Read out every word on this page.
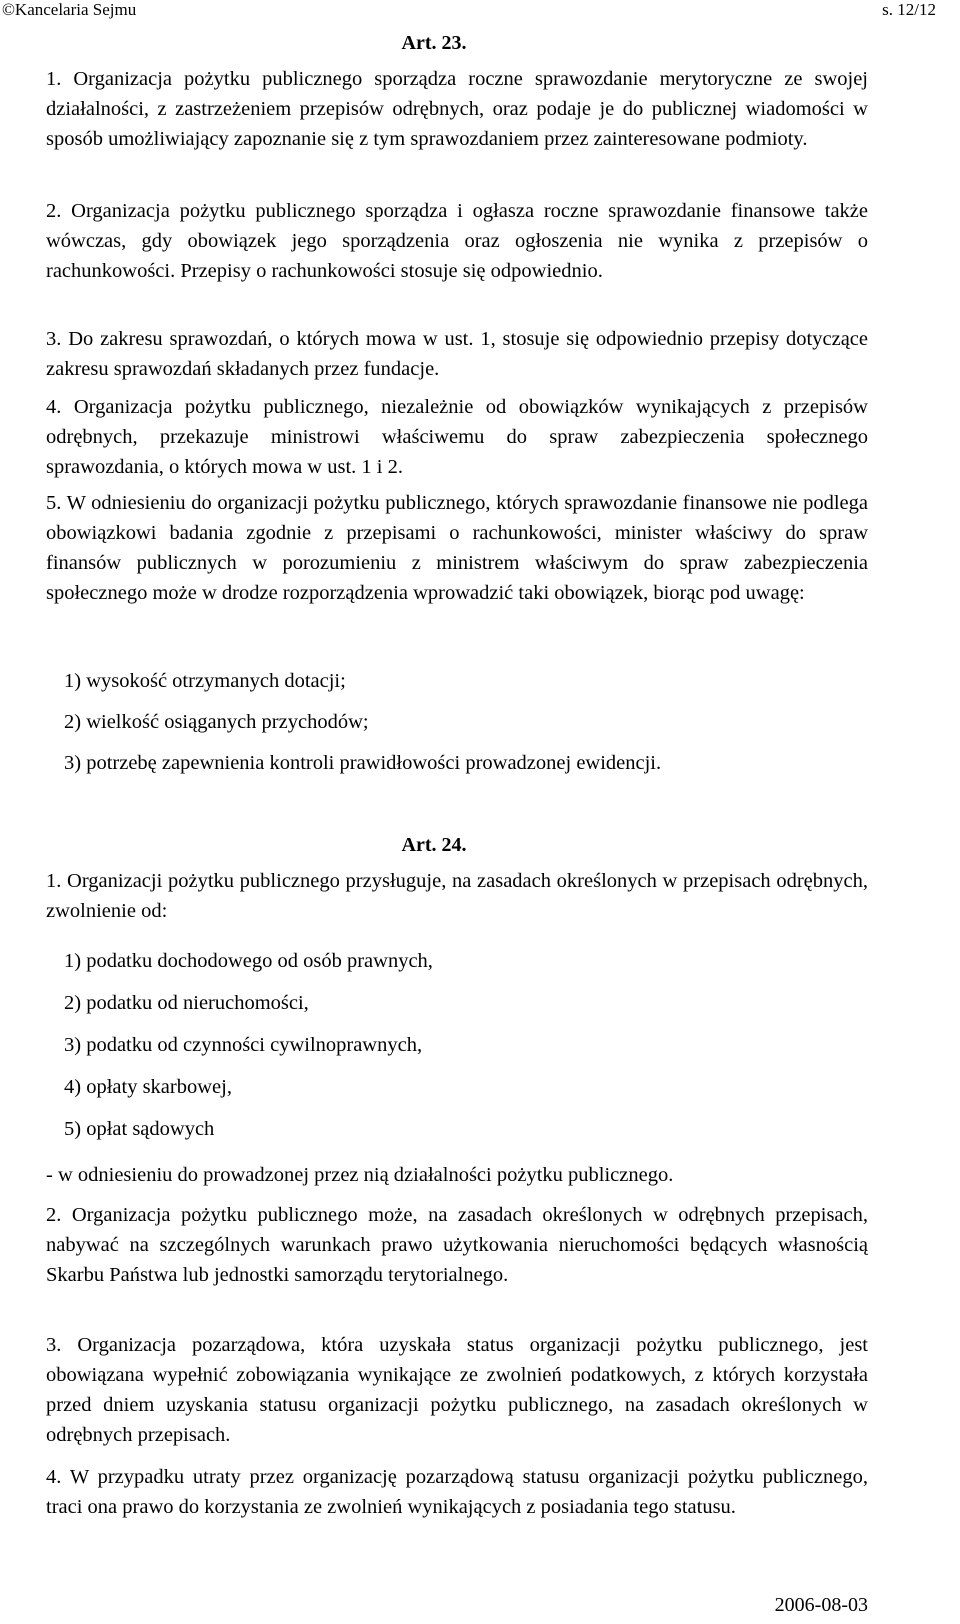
©Kancelaria Sejmu	s. 12/12
Art. 23.

1. Organizacja pożytku publicznego sporządza roczne sprawozdanie merytoryczne ze swojej działalności, z zastrzeżeniem przepisów odrębnych, oraz podaje je do publicznej wiadomości w sposób umożliwiający zapoznanie się z tym sprawozdaniem przez zainteresowane podmioty.

2. Organizacja pożytku publicznego sporządza i ogłasza roczne sprawozdanie finansowe także wówczas, gdy obowiązek jego sporządzenia oraz ogłoszenia nie wynika z przepisów o rachunkowości. Przepisy o rachunkowości stosuje się odpowiednio.

3. Do zakresu sprawozdań, o których mowa w ust. 1, stosuje się odpowiednio przepisy dotyczące zakresu sprawozdań składanych przez fundacje.

4. Organizacja pożytku publicznego, niezależnie od obowiązków wynikających z przepisów odrębnych, przekazuje ministrowi właściwemu do spraw zabezpieczenia społecznego sprawozdania, o których mowa w ust. 1 i 2.

5. W odniesieniu do organizacji pożytku publicznego, których sprawozdanie finansowe nie podlega obowiązkowi badania zgodnie z przepisami o rachunkowości, minister właściwy do spraw finansów publicznych w porozumieniu z ministrem właściwym do spraw zabezpieczenia społecznego może w drodze rozporządzenia wprowadzić taki obowiązek, biorąc pod uwagę:

1) wysokość otrzymanych dotacji;

2) wielkość osiąganych przychodów;

3) potrzebę zapewnienia kontroli prawidłowości prowadzonej ewidencji.

Art. 24.

1. Organizacji pożytku publicznego przysługuje, na zasadach określonych w przepisach odrębnych, zwolnienie od:

1) podatku dochodowego od osób prawnych,

2) podatku od nieruchomości,

3) podatku od czynności cywilnoprawnych,

4) opłaty skarbowej,

5) opłat sądowych

- w odniesieniu do prowadzonej przez nią działalności pożytku publicznego.

2. Organizacja pożytku publicznego może, na zasadach określonych w odrębnych przepisach, nabywać na szczególnych warunkach prawo użytkowania nieruchomości będących własnością Skarbu Państwa lub jednostki samorządu terytorialnego.

3. Organizacja pozarządowa, która uzyskała status organizacji pożytku publicznego, jest obowiązana wypełnić zobowiązania wynikające ze zwolnień podatkowych, z których korzystała przed dniem uzyskania statusu organizacji pożytku publicznego, na zasadach określonych w odrębnych przepisach.

4. W przypadku utraty przez organizację pozarządową statusu organizacji pożytku publicznego, traci ona prawo do korzystania ze zwolnień wynikających z posiadania tego statusu.

2006-08-03
